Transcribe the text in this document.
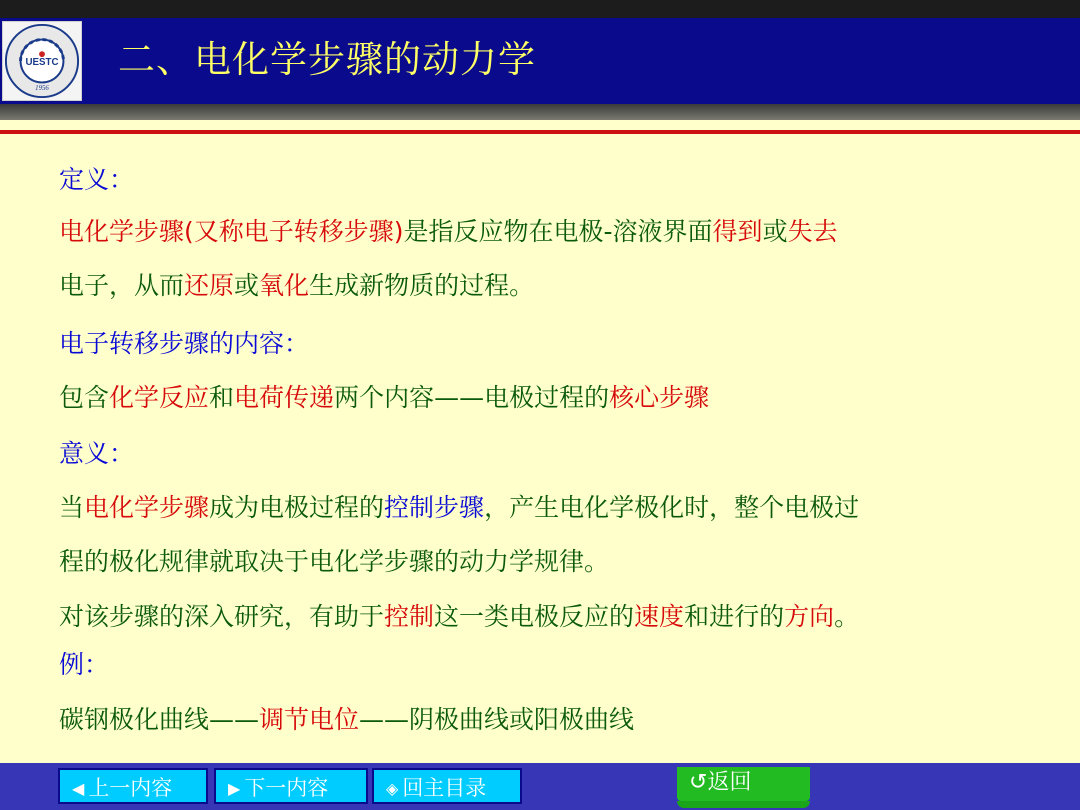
UESTC
1956
二、电化学步骤的动力学
定义：
电化学步骤(又称电子转移步骤)是指反应物在电极-溶液界面得到或失去
电子，从而还原或氧化生成新物质的过程。
电子转移步骤的内容：
包含化学反应和电荷传递两个内容——电极过程的核心步骤
意义：
当电化学步骤成为电极过程的控制步骤，产生电化学极化时，整个电极过
程的极化规律就取决于电化学步骤的动力学规律。
对该步骤的深入研究，有助于控制这一类电极反应的速度和进行的方向。
例：
碳钢极化曲线——调节电位——阴极曲线或阳极曲线
◀ 上一内容	▶ 下一内容	◈ 回主目录	↺返回
